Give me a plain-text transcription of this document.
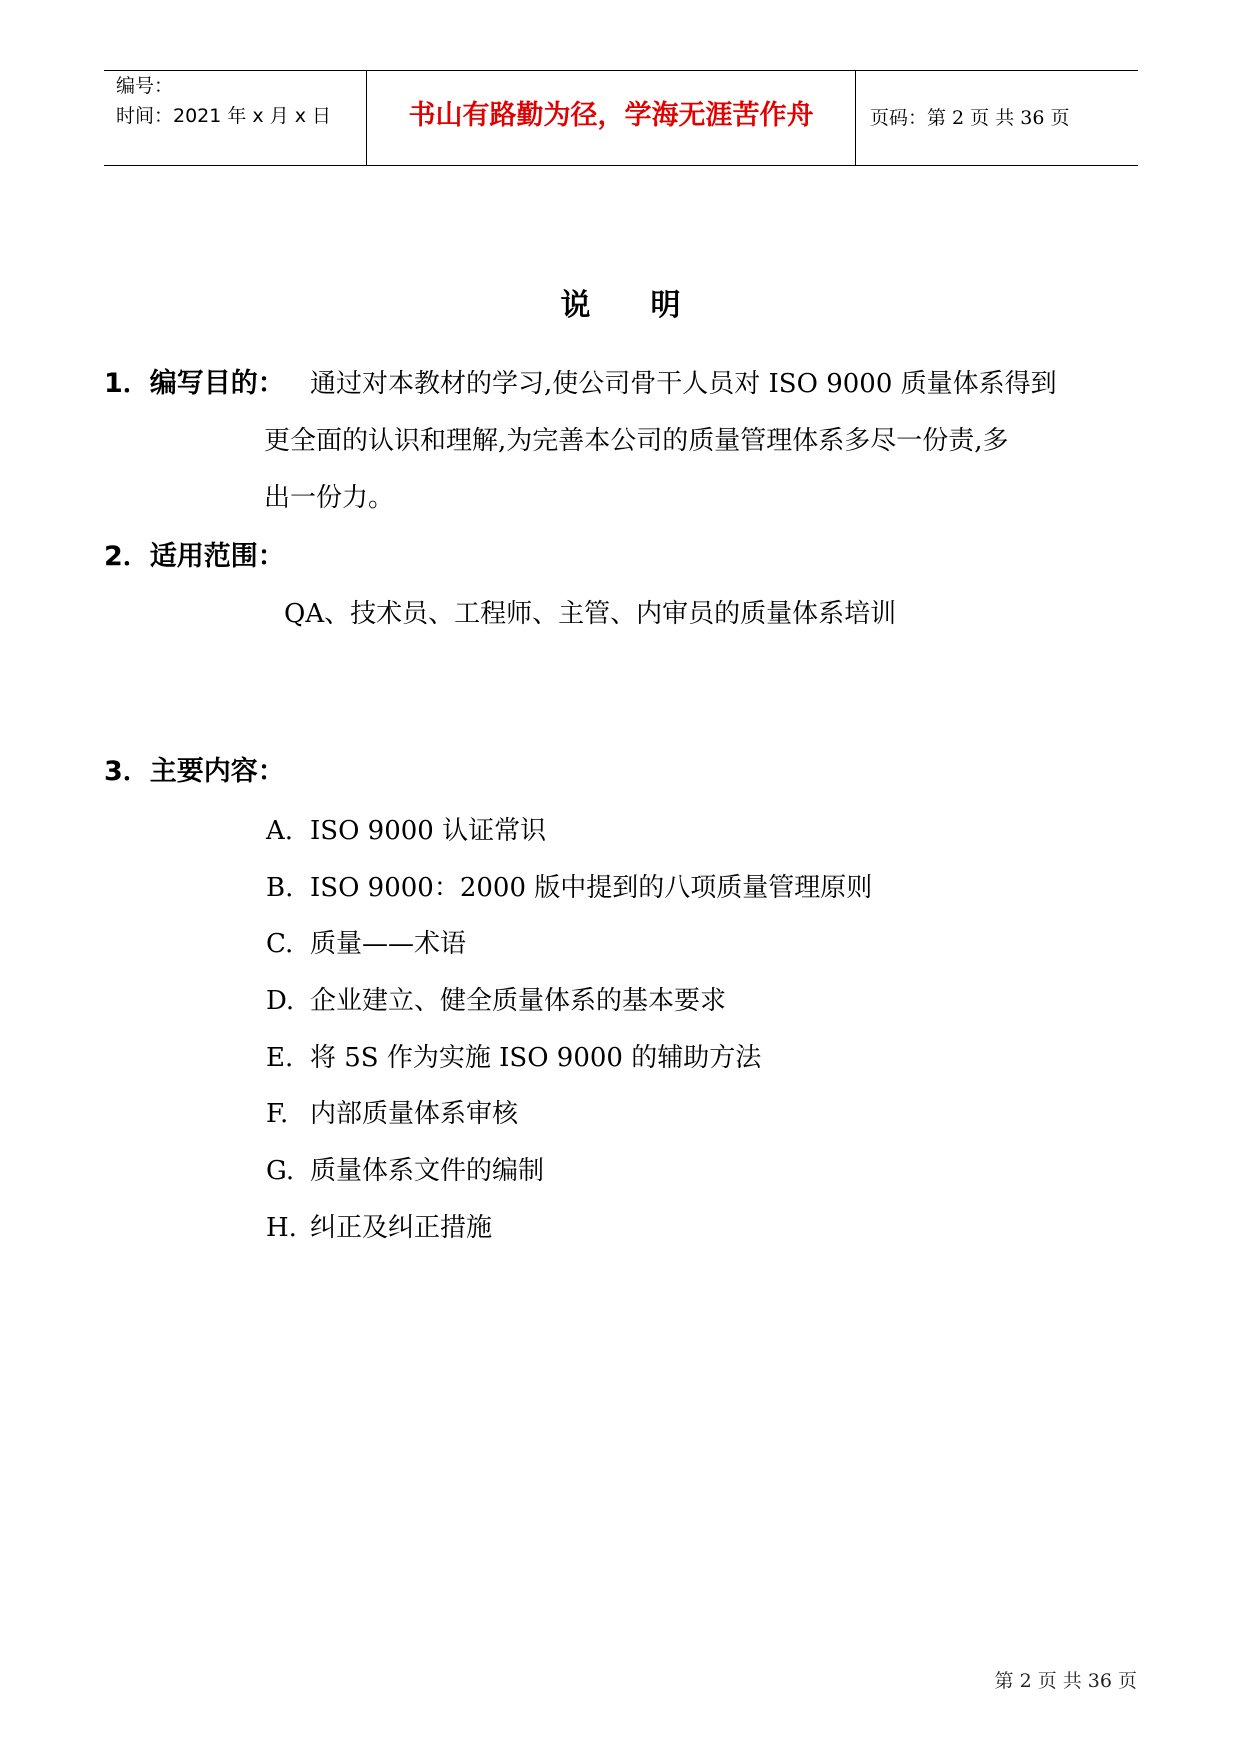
编号：
时间：2021 年 x 月 x 日	书山有路勤为径，学海无涯苦作舟	页码：第 2 页 共 36 页
说明
1．编写目的： 通过对本教材的学习,使公司骨干人员对 ISO 9000 质量体系得到
更全面的认识和理解,为完善本公司的质量管理体系多尽一份责,多
出一份力。
2．适用范围：
QA、技术员、工程师、主管、内审员的质量体系培训
3．主要内容：
A. ISO 9000 认证常识
B. ISO 9000：2000 版中提到的八项质量管理原则
C. 质量——术语
D. 企业建立、健全质量体系的基本要求
E. 将 5S 作为实施 ISO 9000 的辅助方法
F. 内部质量体系审核
G. 质量体系文件的编制
H. 纠正及纠正措施
第 2 页 共 36 页
